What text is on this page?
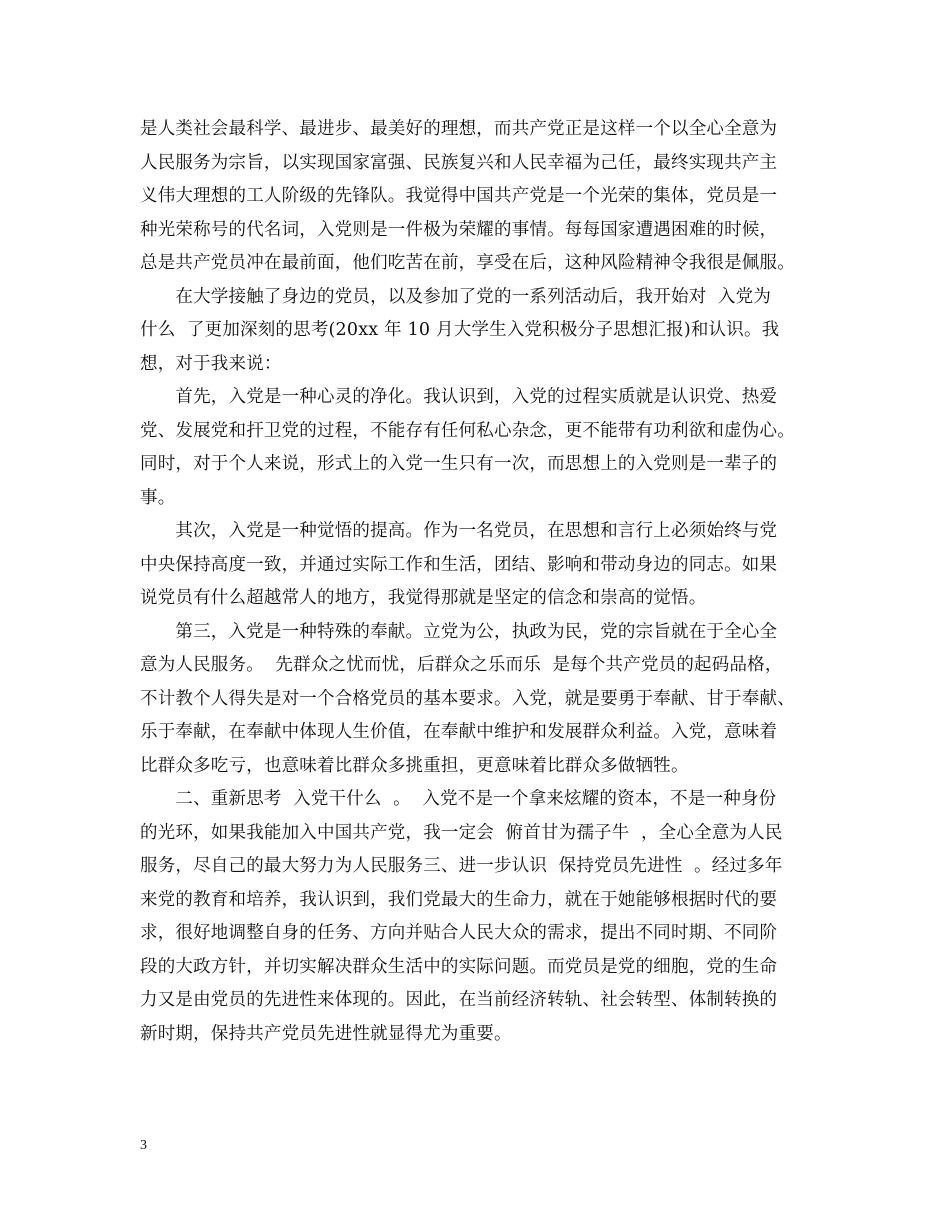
是人类社会最科学、最进步、最美好的理想，而共产党正是这样一个以全心全意为
人民服务为宗旨，以实现国家富强、民族复兴和人民幸福为己任，最终实现共产主
义伟大理想的工人阶级的先锋队。我觉得中国共产党是一个光荣的集体，党员是一
种光荣称号的代名词，入党则是一件极为荣耀的事情。每每国家遭遇困难的时候，
总是共产党员冲在最前面，他们吃苦在前，享受在后，这种风险精神令我很是佩服。
　　在大学接触了身边的党员，以及参加了党的一系列活动后，我开始对  入党为
什么  了更加深刻的思考(20xx 年 10 月大学生入党积极分子思想汇报)和认识。我
想，对于我来说：
　　首先，入党是一种心灵的净化。我认识到，入党的过程实质就是认识党、热爱
党、发展党和扞卫党的过程，不能存有任何私心杂念，更不能带有功利欲和虚伪心。
同时，对于个人来说，形式上的入党一生只有一次，而思想上的入党则是一辈子的
事。
　　其次，入党是一种觉悟的提高。作为一名党员，在思想和言行上必须始终与党
中央保持高度一致，并通过实际工作和生活，团结、影响和带动身边的同志。如果
说党员有什么超越常人的地方，我觉得那就是坚定的信念和崇高的觉悟。
　　第三，入党是一种特殊的奉献。立党为公，执政为民，党的宗旨就在于全心全
意为人民服务。  先群众之忧而忧，后群众之乐而乐  是每个共产党员的起码品格，
不计教个人得失是对一个合格党员的基本要求。入党，就是要勇于奉献、甘于奉献、
乐于奉献，在奉献中体现人生价值，在奉献中维护和发展群众利益。入党，意味着
比群众多吃亏，也意味着比群众多挑重担，更意味着比群众多做牺牲。
　　二、重新思考  入党干什么  。  入党不是一个拿来炫耀的资本，不是一种身份
的光环，如果我能加入中国共产党，我一定会  俯首甘为孺子牛  ，全心全意为人民
服务，尽自己的最大努力为人民服务三、进一步认识  保持党员先进性  。经过多年
来党的教育和培养，我认识到，我们党最大的生命力，就在于她能够根据时代的要
求，很好地调整自身的任务、方向并贴合人民大众的需求，提出不同时期、不同阶
段的大政方针，并切实解决群众生活中的实际问题。而党员是党的细胞，党的生命
力又是由党员的先进性来体现的。因此，在当前经济转轨、社会转型、体制转换的
新时期，保持共产党员先进性就显得尤为重要。
3
